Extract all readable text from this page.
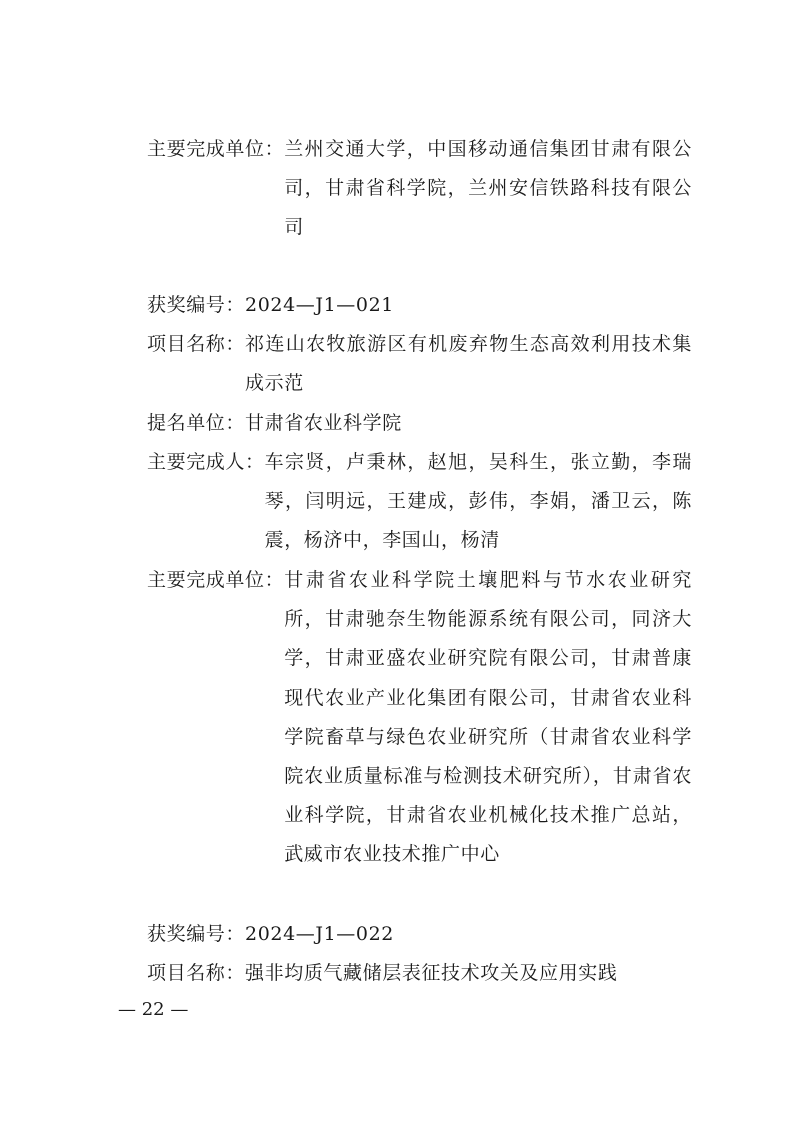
主要完成单位： 兰州交通大学，中国移动通信集团甘肃有限公司，甘肃省科学院，兰州安信铁路科技有限公司
获奖编号： 2024—J1—021
项目名称： 祁连山农牧旅游区有机废弃物生态高效利用技术集成示范
提名单位： 甘肃省农业科学院
主要完成人： 车宗贤，卢秉林，赵旭，吴科生，张立勤，李瑞琴，闫明远，王建成，彭伟，李娟，潘卫云，陈震，杨济中，李国山，杨清
主要完成单位： 甘肃省农业科学院土壤肥料与节水农业研究所，甘肃驰奈生物能源系统有限公司，同济大学，甘肃亚盛农业研究院有限公司，甘肃普康现代农业产业化集团有限公司，甘肃省农业科学院畜草与绿色农业研究所（甘肃省农业科学院农业质量标准与检测技术研究所），甘肃省农业科学院，甘肃省农业机械化技术推广总站，武威市农业技术推广中心
获奖编号： 2024—J1—022
项目名称： 强非均质气藏储层表征技术攻关及应用实践
— 22 —
